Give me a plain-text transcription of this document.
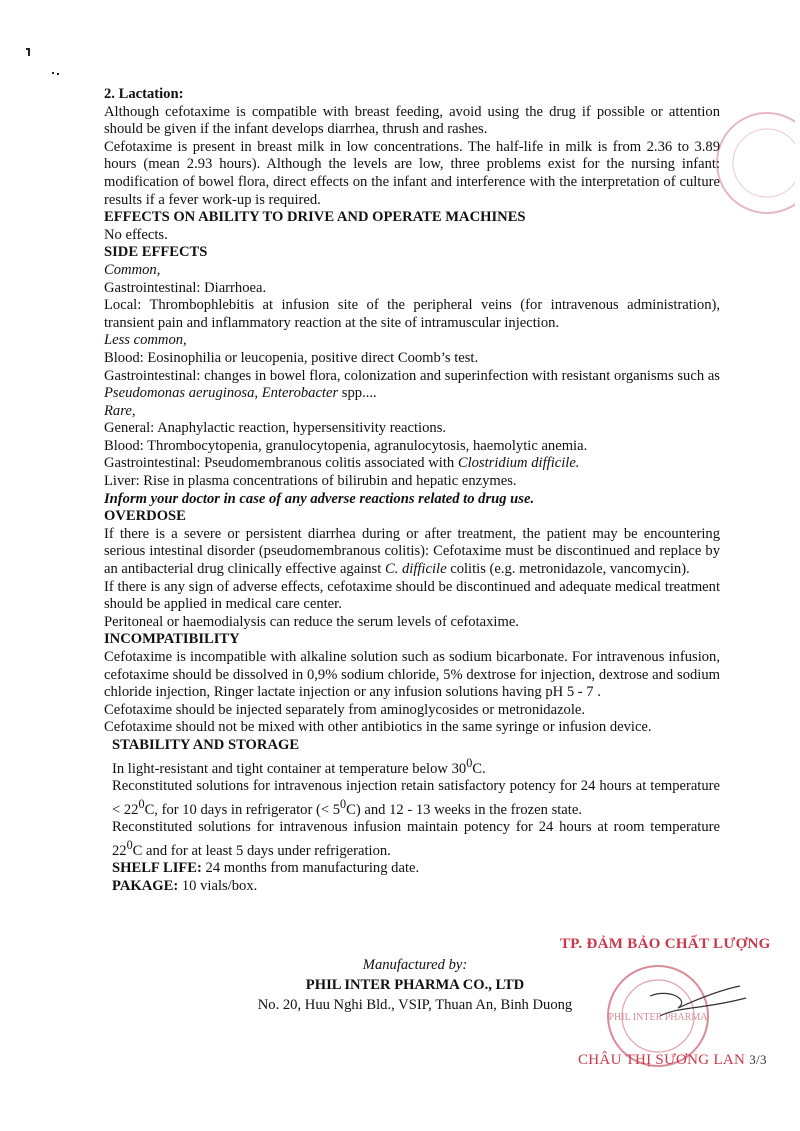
2. Lactation:

Although cefotaxime is compatible with breast feeding, avoid using the drug if possible or attention should be given if the infant develops diarrhea, thrush and rashes.

Cefotaxime is present in breast milk in low concentrations. The half-life in milk is from 2.36 to 3.89 hours (mean 2.93 hours). Although the levels are low, three problems exist for the nursing infant: modification of bowel flora, direct effects on the infant and interference with the interpretation of culture results if a fever work-up is required.

EFFECTS ON ABILITY TO DRIVE AND OPERATE MACHINES

No effects.

SIDE EFFECTS

Common,

Gastrointestinal: Diarrhoea.

Local: Thrombophlebitis at infusion site of the peripheral veins (for intravenous administration), transient pain and inflammatory reaction at the site of intramuscular injection.

Less common,

Blood: Eosinophilia or leucopenia, positive direct Coomb’s test.

Gastrointestinal: changes in bowel flora, colonization and superinfection with resistant organisms such as Pseudomonas aeruginosa, Enterobacter spp....

Rare,

General: Anaphylactic reaction, hypersensitivity reactions.

Blood: Thrombocytopenia, granulocytopenia, agranulocytosis, haemolytic anemia.

Gastrointestinal: Pseudomembranous colitis associated with Clostridium difficile.

Liver: Rise in plasma concentrations of bilirubin and hepatic enzymes.

Inform your doctor in case of any adverse reactions related to drug use.

OVERDOSE

If there is a severe or persistent diarrhea during or after treatment, the patient may be encountering serious intestinal disorder (pseudomembranous colitis): Cefotaxime must be discontinued and replace by an antibacterial drug clinically effective against C. difficile colitis (e.g. metronidazole, vancomycin).

If there is any sign of adverse effects, cefotaxime should be discontinued and adequate medical treatment should be applied in medical care center.

Peritoneal or haemodialysis can reduce the serum levels of cefotaxime.

INCOMPATIBILITY

Cefotaxime is incompatible with alkaline solution such as sodium bicarbonate. For intravenous infusion, cefotaxime should be dissolved in 0,9% sodium chloride, 5% dextrose for injection, dextrose and sodium chloride injection, Ringer lactate injection or any infusion solutions having pH 5 - 7 .

Cefotaxime should be injected separately from aminoglycosides or metronidazole.

Cefotaxime should not be mixed with other antibiotics in the same syringe or infusion device.

STABILITY AND STORAGE

In light-resistant and tight container at temperature below $30^0C$.

Reconstituted solutions for intravenous injection retain satisfactory potency for 24 hours at temperature < $22^0C$, for 10 days in refrigerator (< $5^0C$) and 12 - 13 weeks in the frozen state.

Reconstituted solutions for intravenous infusion maintain potency for 24 hours at room temperature $22^0C$ and for at least 5 days under refrigeration.

SHELF LIFE: 24 months from manufacturing date.

PAKAGE: 10 vials/box.

Manufactured by:
PHIL INTER PHARMA CO., LTD
No. 20, Huu Nghi Bld., VSIP, Thuan An, Binh Duong
TP. ĐẢM BẢO CHẤT LƯỢNG
PHIL INTER PHARMA
CHÂU THỊ SƯƠNG LAN 3/3
